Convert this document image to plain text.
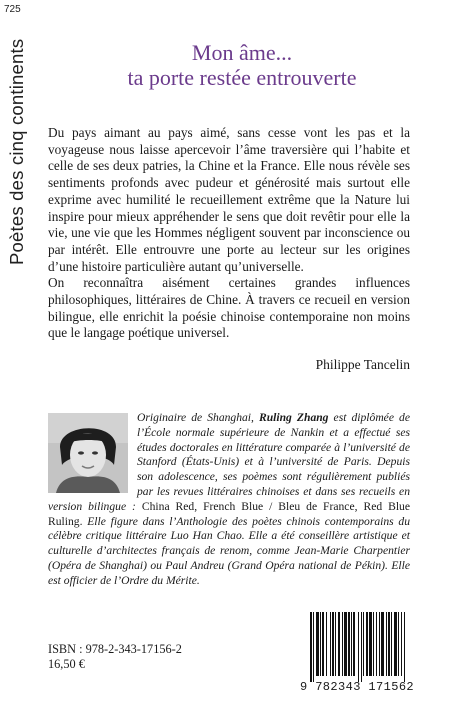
725
Poètes des cinq continents	Mon âme...
ta porte restée entrouverte

Du pays aimant au pays aimé, sans cesse vont les pas et la voyageuse nous laisse apercevoir l’âme traversière qui l’habite et celle de ses deux patries, la Chine et la France. Elle nous révèle ses sentiments profonds avec pudeur et générosité mais surtout elle exprime avec humilité le recueillement extrême que la Nature lui inspire pour mieux appréhender le sens que doit revêtir pour elle la vie, une vie que les Hommes négligent souvent par inconscience ou par intérêt. Elle entrouvre une porte au lecteur sur les origines d’une histoire particulière autant qu’universelle.

On reconnaîtra aisément certaines grandes influences philosophiques, littéraires de Chine. À travers ce recueil en version bilingue, elle enrichit la poésie chinoise contemporaine non moins que le langage poétique universel.

Philippe Tancelin
Originaire de Shanghai, Ruling Zhang est diplômée de l’École normale supérieure de Nankin et a effectué ses études doctorales en littérature comparée à l’université de Stanford (États-Unis) et à l’université de Paris. Depuis son adolescence, ses poèmes sont régulièrement publiés par les revues littéraires chinoises et dans ses recueils en version bilingue : China Red, French Blue / Bleu de France, Red Blue Ruling. Elle figure dans l’Anthologie des poètes chinois contemporains du célèbre critique littéraire Luo Han Chao. Elle a été conseillère artistique et culturelle d’architectes français de renom, comme Jean-Marie Charpentier (Opéra de Shanghai) ou Paul Andreu (Grand Opéra national de Pékin). Elle est officier de l’Ordre du Mérite.
ISBN : 978-2-343-17156-2
16,50 €
9 782343 171562
